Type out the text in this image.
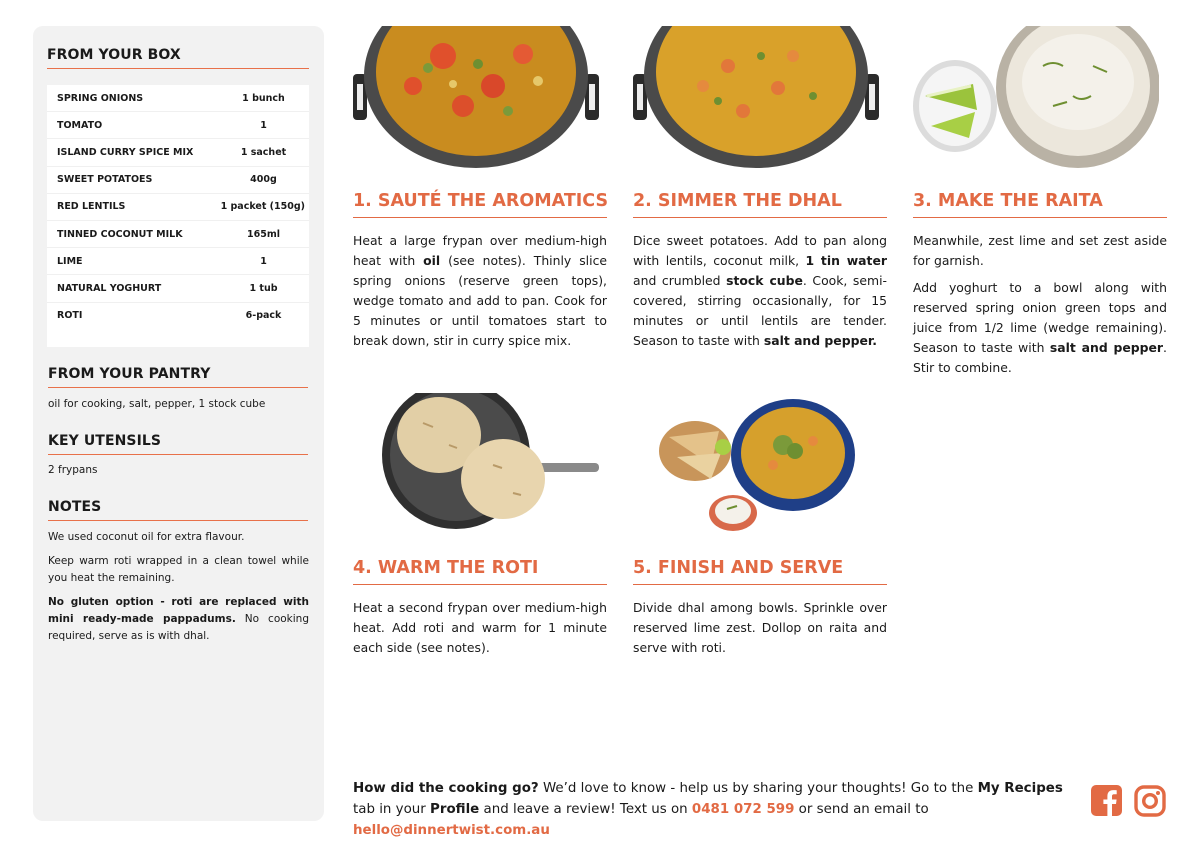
FROM YOUR BOX
SPRING ONIONS	1 bunch
TOMATO	1
ISLAND CURRY SPICE MIX	1 sachet
SWEET POTATOES	400g
RED LENTILS	1 packet (150g)
TINNED COCONUT MILK	165ml
LIME	1
NATURAL YOGHURT	1 tub
ROTI	6-pack
FROM YOUR PANTRY
oil for cooking, salt, pepper, 1 stock cube
KEY UTENSILS
2 frypans
NOTES

We used coconut oil for extra flavour.

Keep warm roti wrapped in a clean towel while you heat the remaining.

No gluten option - roti are replaced with mini ready-made pappadums. No cooking required, serve as is with dhal.

1. SAUTÉ THE AROMATICS
Heat a large frypan over medium-high heat with oil (see notes). Thinly slice spring onions (reserve green tops), wedge tomato and add to pan. Cook for 5 minutes or until tomatoes start to break down, stir in curry spice mix.
2. SIMMER THE DHAL
Dice sweet potatoes. Add to pan along with lentils, coconut milk, 1 tin water and crumbled stock cube. Cook, semi-covered, stirring occasionally, for 15 minutes or until lentils are tender. Season to taste with salt and pepper.
3. MAKE THE RAITA
Meanwhile, zest lime and set zest aside for garnish.
Add yoghurt to a bowl along with reserved spring onion green tops and juice from 1/2 lime (wedge remaining). Season to taste with salt and pepper. Stir to combine.
4. WARM THE ROTI
Heat a second frypan over medium-high heat. Add roti and warm for 1 minute each side (see notes).
5. FINISH AND SERVE
Divide dhal among bowls. Sprinkle over reserved lime zest. Dollop on raita and serve with roti.
How did the cooking go? We’d love to know - help us by sharing your thoughts! Go to the My Recipes tab in your Profile and leave a review! Text us on 0481 072 599 or send an email to hello@dinnertwist.com.au
